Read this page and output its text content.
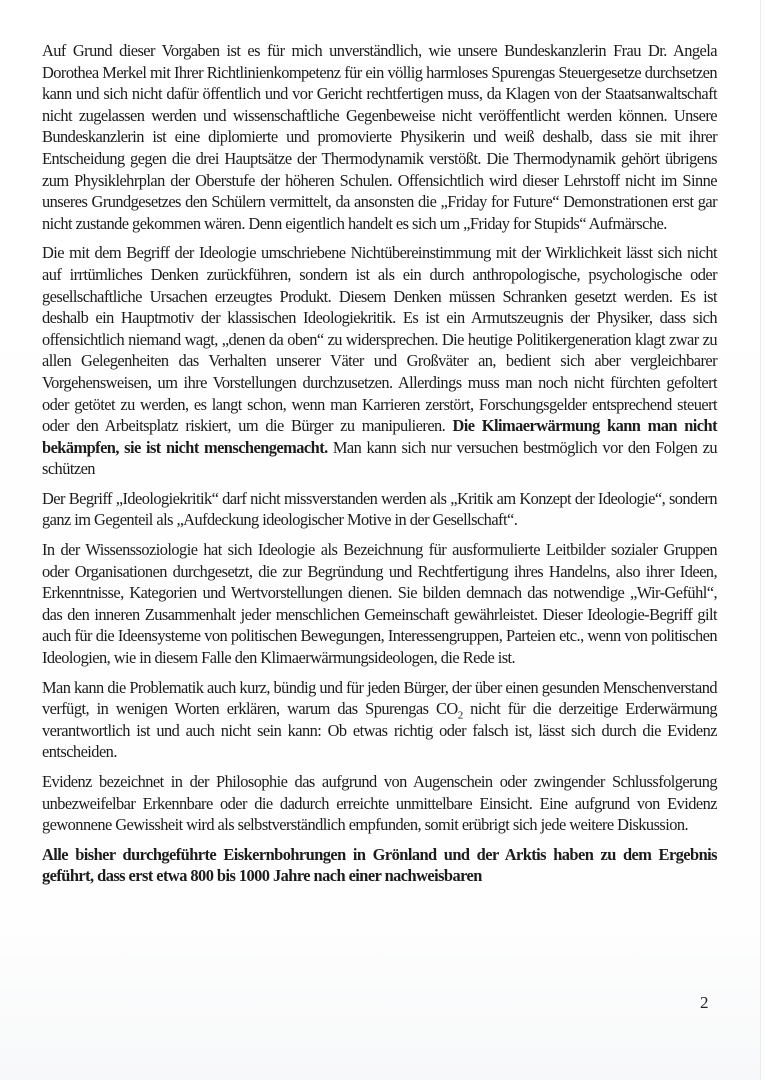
Auf Grund dieser Vorgaben ist es für mich unverständlich, wie unsere Bundeskanzlerin Frau Dr. Angela Dorothea Merkel mit Ihrer Richtlinienkompetenz für ein völlig harmloses Spurengas Steuergesetze durchsetzen kann und sich nicht dafür öffentlich und vor Gericht rechtfertigen muss, da Klagen von der Staatsanwaltschaft nicht zugelassen werden und wissenschaftliche Gegenbeweise nicht veröffentlicht werden können. Unsere Bundeskanzlerin ist eine diplomierte und promovierte Physikerin und weiß deshalb, dass sie mit ihrer Entscheidung gegen die drei Hauptsätze der Thermodynamik verstößt. Die Thermodynamik gehört übrigens zum Physiklehrplan der Oberstufe der höheren Schulen. Offensichtlich wird dieser Lehrstoff nicht im Sinne unseres Grundgesetzes den Schülern vermittelt, da ansonsten die „Friday for Future“ Demonstrationen erst gar nicht zustande gekommen wären. Denn eigentlich handelt es sich um „Friday for Stupids“ Aufmärsche.

Die mit dem Begriff der Ideologie umschriebene Nichtübereinstimmung mit der Wirklichkeit lässt sich nicht auf irrtümliches Denken zurückführen, sondern ist als ein durch anthropologische, psychologische oder gesellschaftliche Ursachen erzeugtes Produkt. Diesem Denken müssen Schranken gesetzt werden. Es ist deshalb ein Hauptmotiv der klassischen Ideologiekritik. Es ist ein Armutszeugnis der Physiker, dass sich offensichtlich niemand wagt, „denen da oben“ zu widersprechen. Die heutige Politikergeneration klagt zwar zu allen Gelegenheiten das Verhalten unserer Väter und Großväter an, bedient sich aber vergleichbarer Vorgehensweisen, um ihre Vorstellungen durchzusetzen. Allerdings muss man noch nicht fürchten gefoltert oder getötet zu werden, es langt schon, wenn man Karrieren zerstört, Forschungsgelder entsprechend steuert oder den Arbeitsplatz riskiert, um die Bürger zu manipulieren. Die Klimaerwärmung kann man nicht bekämpfen, sie ist nicht menschengemacht. Man kann sich nur versuchen bestmöglich vor den Folgen zu schützen

Der Begriff „Ideologiekritik“ darf nicht missverstanden werden als „Kritik am Konzept der Ideologie“, sondern ganz im Gegenteil als „Aufdeckung ideologischer Motive in der Gesellschaft“.

In der Wissenssoziologie hat sich Ideologie als Bezeichnung für ausformulierte Leitbilder sozialer Gruppen oder Organisationen durchgesetzt, die zur Begründung und Rechtfertigung ihres Handelns, also ihrer Ideen, Erkenntnisse, Kategorien und Wertvorstellungen dienen. Sie bilden demnach das notwendige „Wir-Gefühl“, das den inneren Zusammenhalt jeder menschlichen Gemeinschaft gewährleistet. Dieser Ideologie-Begriff gilt auch für die Ideensysteme von politischen Bewegungen, Interessengruppen, Parteien etc., wenn von politischen Ideologien, wie in diesem Falle den Klimaerwärmungsideologen, die Rede ist.

Man kann die Problematik auch kurz, bündig und für jeden Bürger, der über einen gesunden Menschenverstand verfügt, in wenigen Worten erklären, warum das Spurengas $CO_2$ nicht für die derzeitige Erderwärmung verantwortlich ist und auch nicht sein kann: Ob etwas richtig oder falsch ist, lässt sich durch die Evidenz entscheiden.

Evidenz bezeichnet in der Philosophie das aufgrund von Augenschein oder zwingender Schlussfolgerung unbezweifelbar Erkennbare oder die dadurch erreichte unmittelbare Einsicht. Eine aufgrund von Evidenz gewonnene Gewissheit wird als selbstverständlich empfunden, somit erübrigt sich jede weitere Diskussion.

Alle bisher durchgeführte Eiskernbohrungen in Grönland und der Arktis haben zu dem Ergebnis geführt, dass erst etwa 800 bis 1000 Jahre nach einer nachweisbaren

2
